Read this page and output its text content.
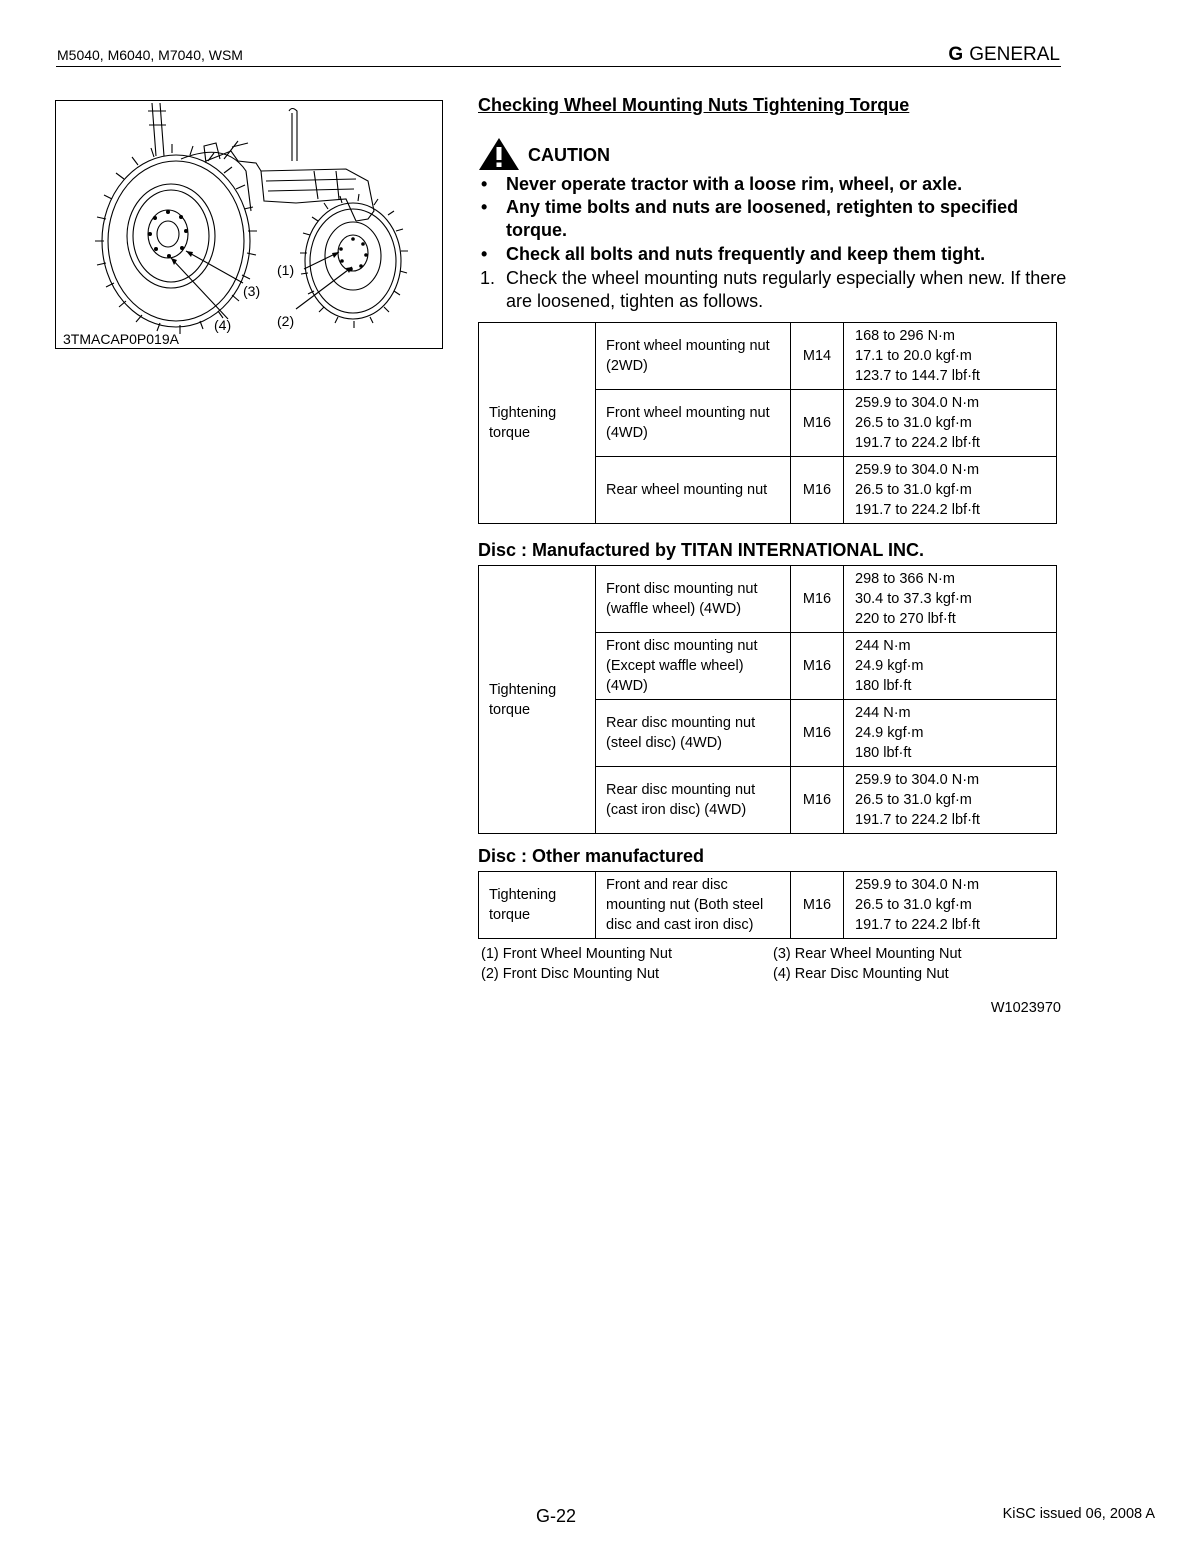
M5040, M6040, M7040, WSM	G GENERAL
(1)
(2)
(3)
(4)
3TMACAP0P019A
Checking Wheel Mounting Nuts Tightening Torque
CAUTION
• Never operate tractor with a loose rim, wheel, or axle.
• Any time bolts and nuts are loosened, retighten to specified torque.
• Check all bolts and nuts frequently and keep them tight.
1. Check the wheel mounting nuts regularly especially when new. If there are loosened, tighten as follows.
Tightening torque	Front wheel mounting nut (2WD)	M14	168 to 296 N·m
17.1 to 20.0 kgf·m
123.7 to 144.7 lbf·ft

	Front wheel mounting nut (4WD)	M16	259.9 to 304.0 N·m
26.5 to 31.0 kgf·m
191.7 to 224.2 lbf·ft

	Rear wheel mounting nut	M16	259.9 to 304.0 N·m
26.5 to 31.0 kgf·m
191.7 to 224.2 lbf·ft
Disc : Manufactured by TITAN INTERNATIONAL INC.
Tightening torque	Front disc mounting nut (waffle wheel) (4WD)	M16	298 to 366 N·m
30.4 to 37.3 kgf·m
220 to 270 lbf·ft

	Front disc mounting nut (Except waffle wheel) (4WD)	M16	244 N·m
24.9 kgf·m
180 lbf·ft

	Rear disc mounting nut (steel disc) (4WD)	M16	244 N·m
24.9 kgf·m
180 lbf·ft

	Rear disc mounting nut (cast iron disc) (4WD)	M16	259.9 to 304.0 N·m
26.5 to 31.0 kgf·m
191.7 to 224.2 lbf·ft
Disc : Other manufactured
Tightening torque	Front and rear disc mounting nut (Both steel disc and cast iron disc)	M16	
259.9 to 304.0 N·m
26.5 to 31.0 kgf·m
191.7 to 224.2 lbf·ft
(1) Front Wheel Mounting Nut
(2) Front Disc Mounting Nut
(3) Rear Wheel Mounting Nut
(4) Rear Disc Mounting Nut
W1023970
G-22	KiSC issued 06, 2008 A
